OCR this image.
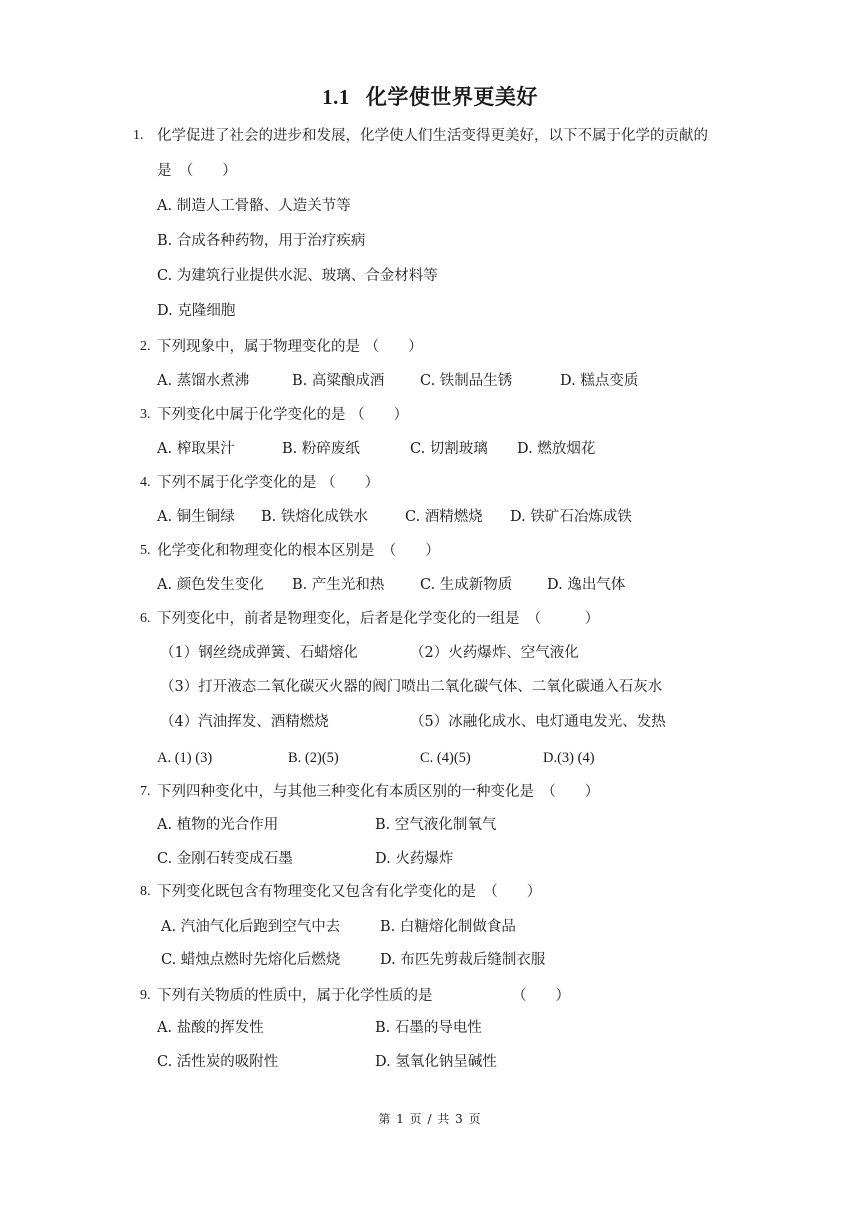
1.1 化学使世界更美好
1. 化学促进了社会的进步和发展，化学使人们生活变得更美好，以下不属于化学的贡献的
是　（　　）
A. 制造人工骨骼、人造关节等
B. 合成各种药物，用于治疗疾病
C. 为建筑行业提供水泥、玻璃、合金材料等
D. 克隆细胞
2. 下列现象中，属于物理变化的是 （　　）
A. 蒸馏水煮沸	B. 高粱酿成酒 C. 铁制品生锈	D. 糕点变质
3. 下列变化中属于化学变化的是 （　　）
A. 榨取果汁	B. 粉碎废纸	C. 切割玻璃 D. 燃放烟花
4. 下列不属于化学变化的是 （　　）
A. 铜生铜绿 B. 铁熔化成铁水	C. 酒精燃烧 D. 铁矿石冶炼成铁
5. 化学变化和物理变化的根本区别是　（　　）
A. 颜色发生变化 B. 产生光和热 C. 生成新物质 D. 逸出气体
6. 下列变化中，前者是物理变化，后者是化学变化的一组是　（　　　）
（1）钢丝绕成弹簧、石蜡熔化	（2）火药爆炸、空气液化
（3）打开液态二氧化碳灭火器的阀门喷出二氧化碳气体、二氧化碳通入石灰水
（4）汽油挥发、酒精燃烧	（5）冰融化成水、电灯通电发光、发热
A. (1) (3)	B. (2)(5)	C. (4)(5)	D.(3) (4)
7. 下列四种变化中，与其他三种变化有本质区别的一种变化是　（　　）
A. 植物的光合作用	B. 空气液化制氧气
C. 金刚石转变成石墨	D. 火药爆炸
8. 下列变化既包含有物理变化又包含有化学变化的是　（　　）
A. 汽油气化后跑到空气中去	B. 白糖熔化制做食品
C. 蜡烛点燃时先熔化后燃烧	D. 布匹先剪裁后缝制衣服
9. 下列有关物质的性质中，属于化学性质的是	（　　）
A. 盐酸的挥发性	B. 石墨的导电性
C. 活性炭的吸附性	D. 氢氧化钠呈碱性
第 1 页 / 共 3 页
